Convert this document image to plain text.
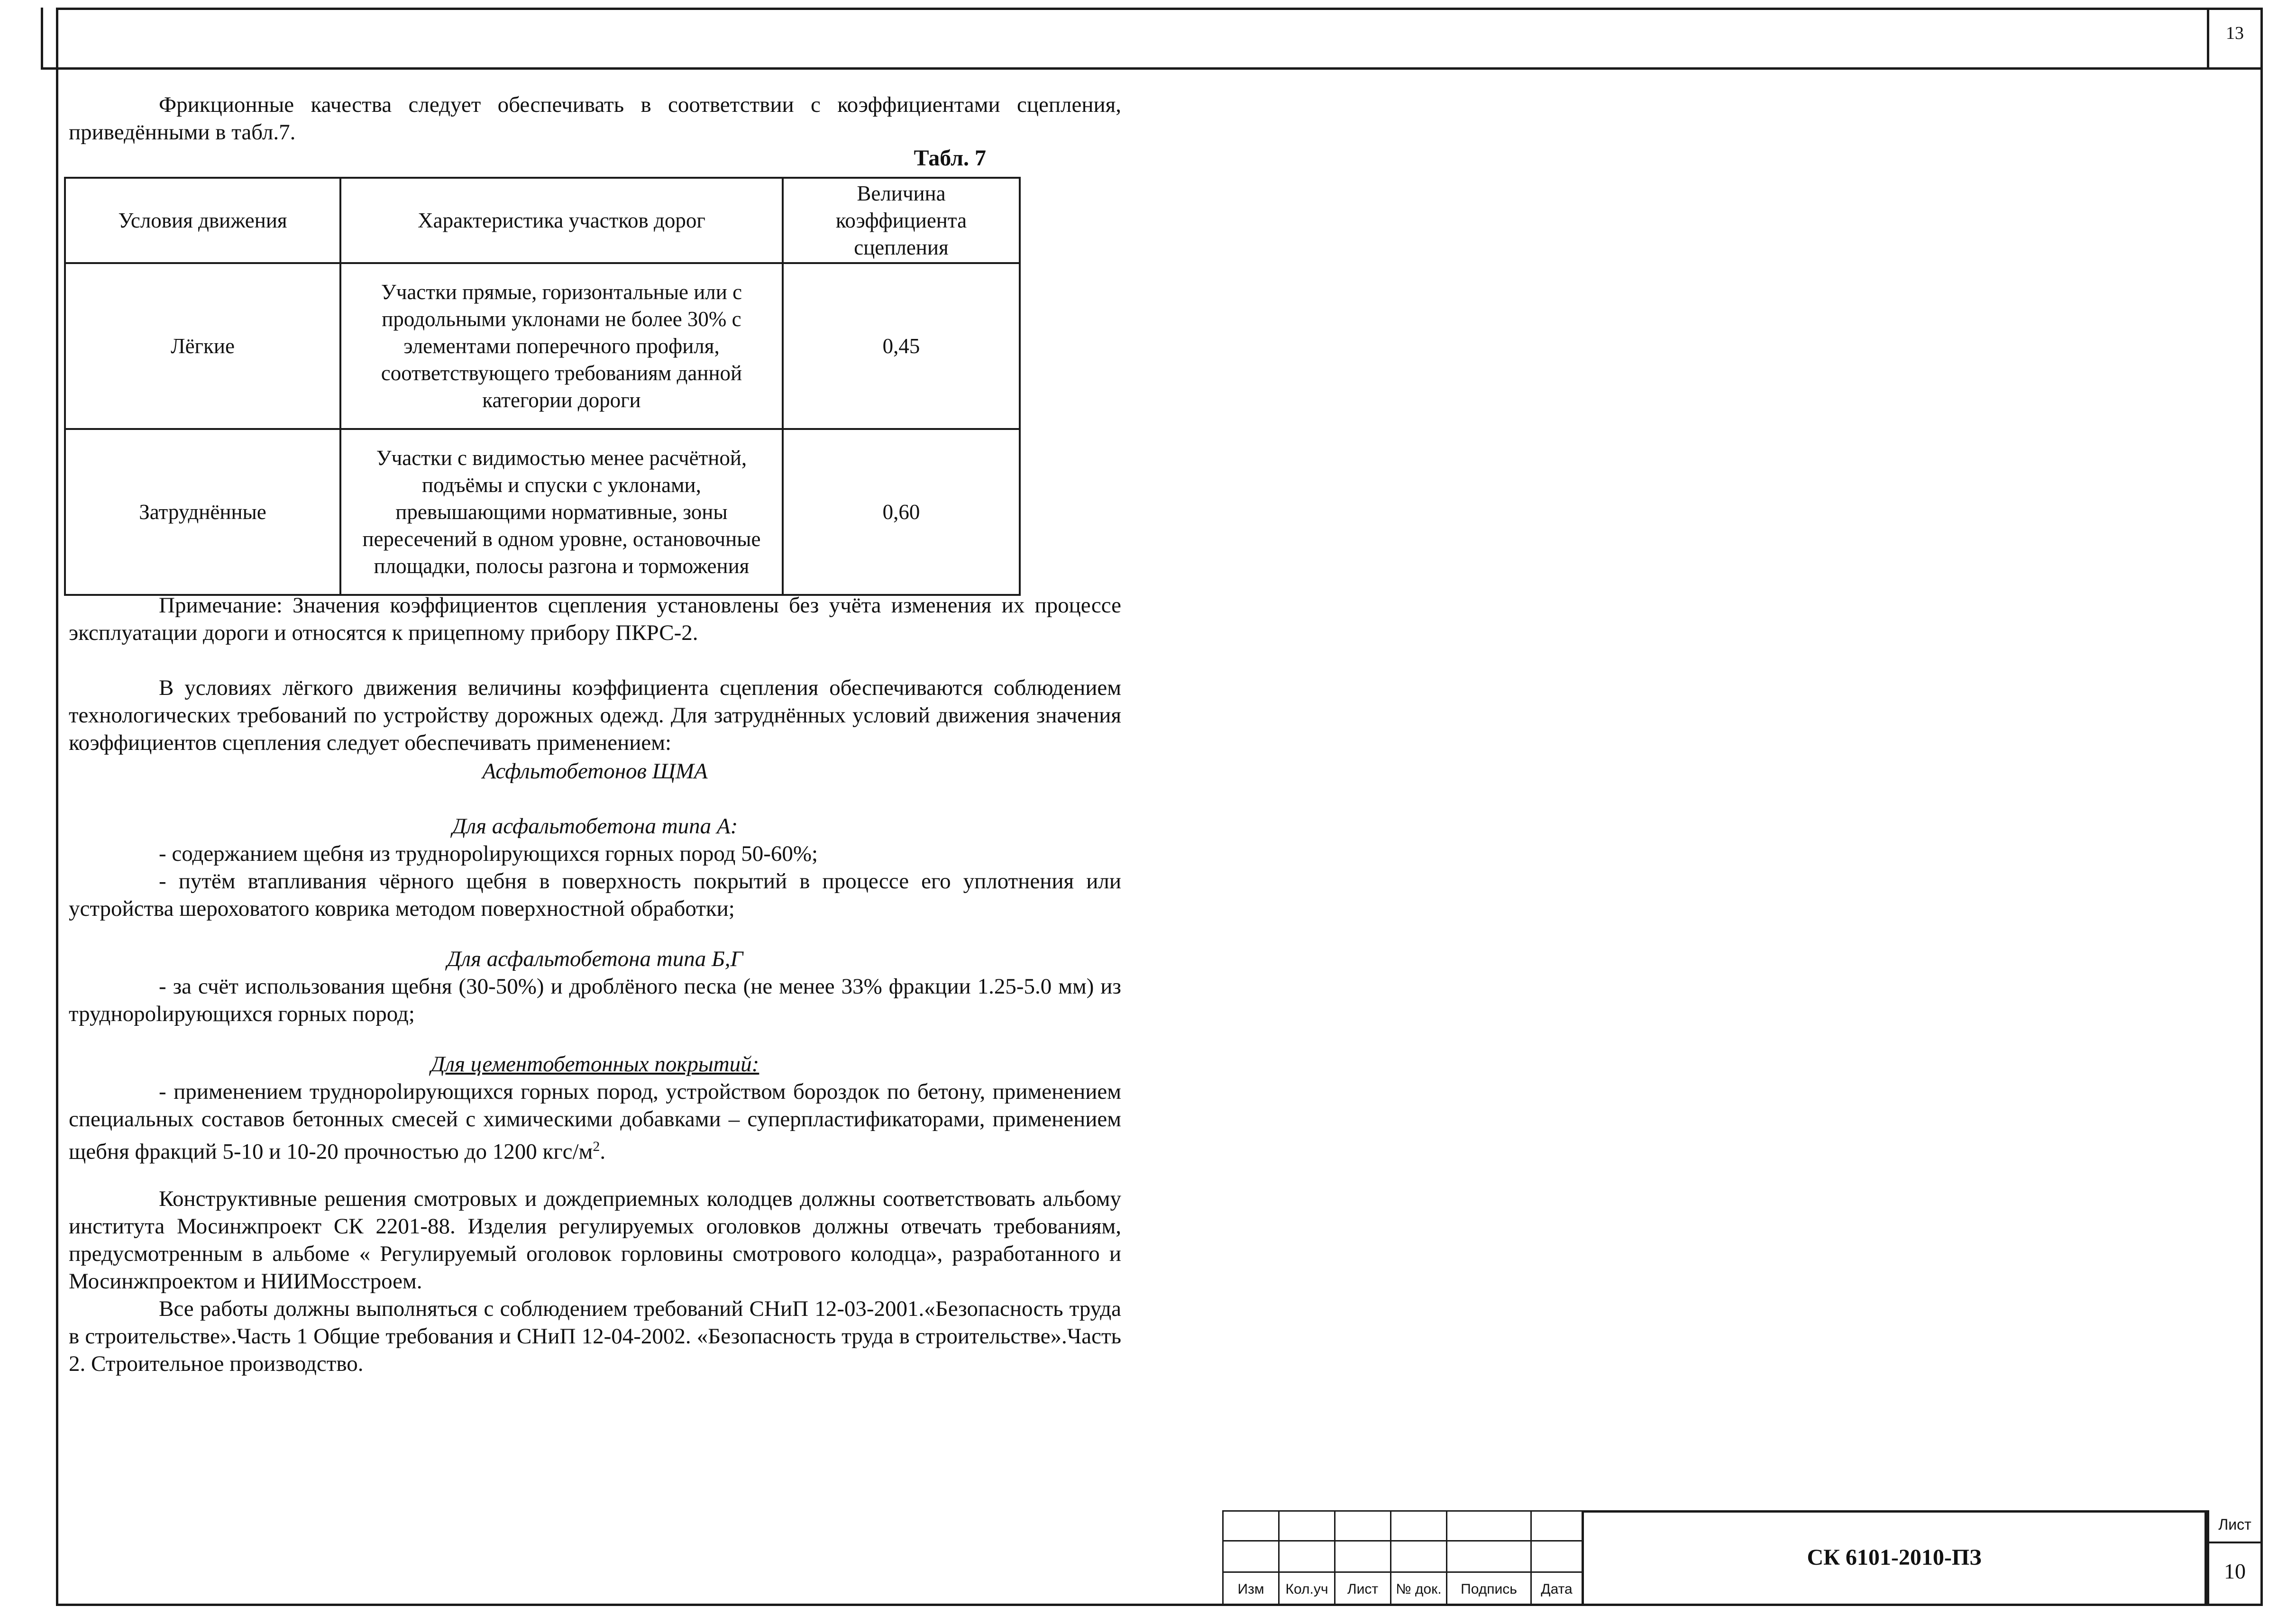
13
Фрикционные качества следует обеспечивать в соответствии с коэффициентами сцепления, приведёнными в табл.7.
Табл. 7
Условия движения	Характеристика участков дорог	Величина коэффициента сцепления
Лёгкие	Участки прямые, горизонтальные или с продольными уклонами не более 30% с элементами поперечного профиля, соответствующего требованиям данной категории дороги	0,45
Затруднённые	Участки с видимостью менее расчётной, подъёмы и спуски с уклонами, превышающими нормативные, зоны пересечений в одном уровне, остановочные площадки, полосы разгона и торможения	0,60
Примечание: Значения коэффициентов сцепления установлены без учёта изменения их процессе эксплуатации дороги и относятся к прицепному прибору ПКРС-2.
В условиях лёгкого движения величины коэффициента сцепления обеспечиваются соблюдением технологических требований по устройству дорожных одежд. Для затруднённых условий движения значения коэффициентов сцепления следует обеспечивать применением:
Асфльтобетонов ЩМА
Для асфальтобетона типа А:
- содержанием щебня из трудноpolирующихся горных пород 50-60%;
- путём втапливания чёрного щебня в поверхность покрытий в процессе его уплотнения или устройства шероховатого коврика методом поверхностной обработки;
Для асфальтобетона типа Б,Г
- за счёт использования щебня (30-50%) и дроблёного песка (не менее 33% фракции 1.25-5.0 мм) из трудноpolирующихся горных пород;
Для цементобетонных покрытий:
- применением трудноpolирующихся горных пород, устройством бороздок по бетону, применением специальных составов бетонных смесей с химическими добавками – суперпластификаторами, применением щебня фракций 5-10 и 10-20 прочностью до 1200 кгс/$м^2$.
Конструктивные решения смотровых и дождеприемных колодцев должны соответствовать альбому института Мосинжпроект СК 2201-88. Изделия регулируемых оголовков должны отвечать требованиям, предусмотренным в альбоме « Регулируемый оголовок горловины смотрового колодца», разработанного и Мосинжпроектом и НИИМосстроем.
Все работы должны выполняться с соблюдением требований СНиП 12-03-2001.«Безопасность труда в строительстве».Часть 1 Общие требования и СНиП 12-04-2002. «Безопасность труда в строительстве».Часть 2. Строительное производство.
Изм	Кол.уч	Лист	№ док.	Подпись	Дата
СК 6101-2010-ПЗ
Лист
10
